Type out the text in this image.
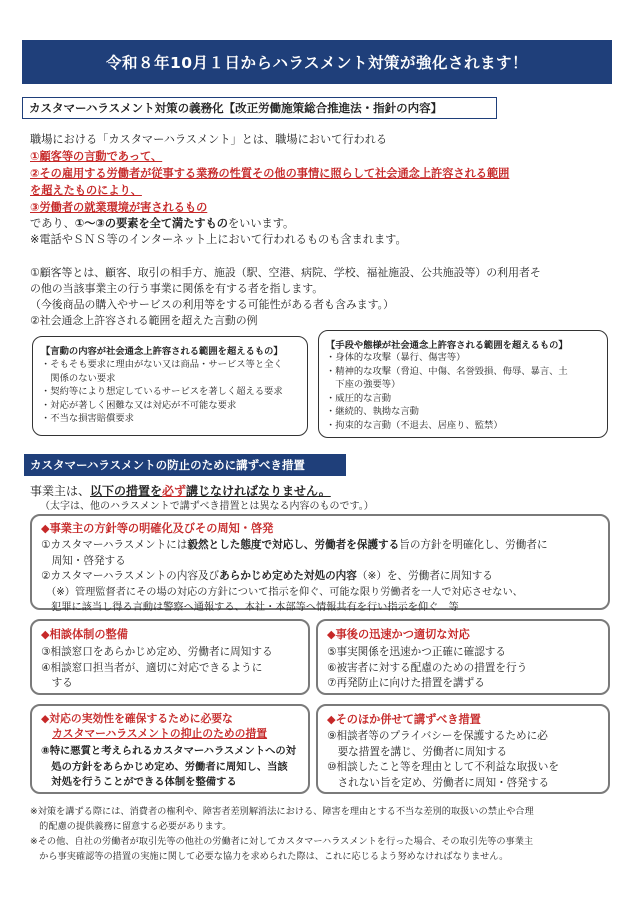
令和８年10月１日からハラスメント対策が強化されます！
カスタマーハラスメント対策の義務化【改正労働施策総合推進法・指針の内容】
職場における「カスタマーハラスメント」とは、職場において行われる
①顧客等の言動であって、
②その雇用する労働者が従事する業務の性質その他の事情に照らして社会通念上許容される範囲
を超えたものにより、
③労働者の就業環境が害されるもの
であり、①～③の要素を全て満たすものをいいます。
※電話やＳＮＳ等のインターネット上において行われるものも含まれます。
①顧客等とは、顧客、取引の相手方、施設（駅、空港、病院、学校、福祉施設、公共施設等）の利用者そ
の他の当該事業主の行う事業に関係を有する者を指します。
（今後商品の購入やサービスの利用等をする可能性がある者も含みます。）
②社会通念上許容される範囲を超えた言動の例
【言動の内容が社会通念上許容される範囲を超えるもの】
・そもそも要求に理由がない又は商品・サービス等と全く
　関係のない要求
・契約等により想定しているサービスを著しく超える要求
・対応が著しく困難な又は対応が不可能な要求
・不当な損害賠償要求
【手段や態様が社会通念上許容される範囲を超えるもの】
・身体的な攻撃（暴行、傷害等）
・精神的な攻撃（脅迫、中傷、名誉毀損、侮辱、暴言、土
　下座の強要等）
・威圧的な言動
・継続的、執拗な言動
・拘束的な言動（不退去、居座り、監禁）
カスタマーハラスメントの防止のために講ずべき措置
事業主は、以下の措置を必ず講じなければなりません。
（太字は、他のハラスメントで講ずべき措置とは異なる内容のものです。）
◆事業主の方針等の明確化及びその周知・啓発
①カスタマーハラスメントには毅然とした態度で対応し、労働者を保護する旨の方針を明確化し、労働者に
　周知・啓発する
②カスタマーハラスメントの内容及びあらかじめ定めた対処の内容（※）を、労働者に周知する
　（※）管理監督者にその場の対応の方針について指示を仰ぐ、可能な限り労働者を一人で対応させない、
　犯罪に該当し得る言動は警察へ通報する、本社・本部等へ情報共有を行い指示を仰ぐ　等
◆相談体制の整備
③相談窓口をあらかじめ定め、労働者に周知する
④相談窓口担当者が、適切に対応できるように
　する
◆事後の迅速かつ適切な対応
⑤事実関係を迅速かつ正確に確認する
⑥被害者に対する配慮のための措置を行う
⑦再発防止に向けた措置を講ずる
◆対応の実効性を確保するために必要な
カスタマーハラスメントの抑止のための措置
⑧特に悪質と考えられるカスタマーハラスメントへの対
　処の方針をあらかじめ定め、労働者に周知し、当該
　対処を行うことができる体制を整備する
◆そのほか併せて講ずべき措置
⑨相談者等のプライバシーを保護するために必
　要な措置を講じ、労働者に周知する
⑩相談したこと等を理由として不利益な取扱いを
　されない旨を定め、労働者に周知・啓発する
※対策を講ずる際には、消費者の権利や、障害者差別解消法における、障害を理由とする不当な差別的取扱いの禁止や合理
　的配慮の提供義務に留意する必要があります。
※その他、自社の労働者が取引先等の他社の労働者に対してカスタマーハラスメントを行った場合、その取引先等の事業主
　から事実確認等の措置の実施に関して必要な協力を求められた際は、これに応じるよう努めなければなりません。
